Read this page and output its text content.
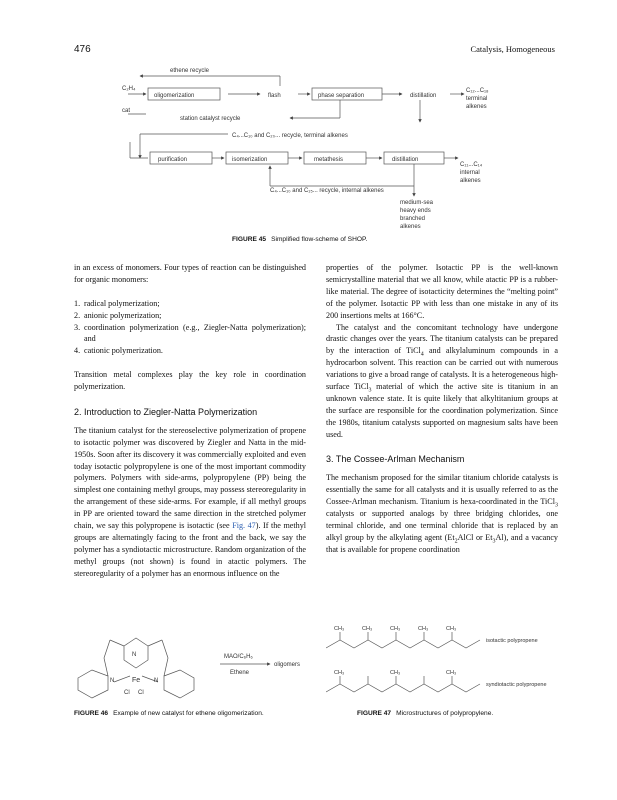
476	Catalysis, Homogeneous
ethene recycle
C₂H₄
oligomerization	flash	phase separation	distillation
cat
station catalyst recycle
C₄...C₁₀ and C₂₀... recycle, terminal alkenes
C₁₂...C₁₈
terminal
alkenes
purification	isomerization	metathesis	distillation
C₁₁...C₁₄
internal
alkenes
C₄...C₁₀ and C₁₅... recycle, internal alkenes
medium-sea
heavy ends
branched
alkenes
FIGURE 45 Simplified flow-scheme of SHOP.

in an excess of monomers. Four types of reaction can be distinguished for organic monomers:

1. radical polymerization;
2. anionic polymerization;
3. coordination polymerization (e.g., Ziegler-Natta polymerization); and
4. cationic polymerization.

Transition metal complexes play the key role in coordination polymerization.

2. Introduction to Ziegler-Natta Polymerization

The titanium catalyst for the stereoselective polymerization of propene to isotactic polymer was discovered by Ziegler and Natta in the mid-1950s. Soon after its discovery it was commercially exploited and even today isotactic polypropylene is one of the most important commodity polymers. Polymers with side-arms, polypropylene (PP) being the simplest one containing methyl groups, may possess stereoregularity in the arrangement of these side-arms. For example, if all methyl groups in PP are oriented toward the same direction in the stretched polymer chain, we say this polypropene is isotactic (see Fig. 47). If the methyl groups are alternatingly facing to the front and the back, we say the polymer has a syndiotactic microstructure. Random organization of the methyl groups (not shown) is found in atactic polymers. The stereoregularity of a polymer has an enormous influence on the

properties of the polymer. Isotactic PP is the well-known semicrystalline material that we all know, while atactic PP is a rubber-like material. The degree of isotacticity determines the “melting point” of the polymer. Isotactic PP with less than one mistake in any of its 200 insertions melts at 166°C.

The catalyst and the concomitant technology have undergone drastic changes over the years. The titanium catalysts can be prepared by the interaction of TiCl$_4$ and alkylaluminum compounds in a hydrocarbon solvent. This reaction can be carried out with numerous variations to give a broad range of catalysts. It is a heterogeneous high-surface TiCl$_3$ material of which the active site is titanium in an unknown valence state. It is quite likely that alkyltitanium groups at the surface are responsible for the coordination polymerization. Since the 1980s, titanium catalysts supported on magnesium salts have been used.

3. The Cossee-Arlman Mechanism

The mechanism proposed for the similar titanium chloride catalysts is essentially the same for all catalysts and it is usually referred to as the Cossee-Arlman mechanism. Titanium is hexa-coordinated in the TiCl$_3$ catalysts or supported analogs by three bridging chlorides, one terminal chloride, and one terminal chloride that is replaced by an alkyl group by the alkylating agent ($Et_2AlCl$ or $Et_3Al$), and a vacancy that is available for propene coordination

N
N	N
Fe
Cl Cl
MAO/C₆H₆
Ethene
oligomers
FIGURE 46 Example of new catalyst for ethene oligomerization.
CH₃	CH₃	CH₃	CH₃	CH₃
isotactic polypropene
CH₃	CH₃	CH₃
syndiotactic polypropene
FIGURE 47 Microstructures of polypropylene.
